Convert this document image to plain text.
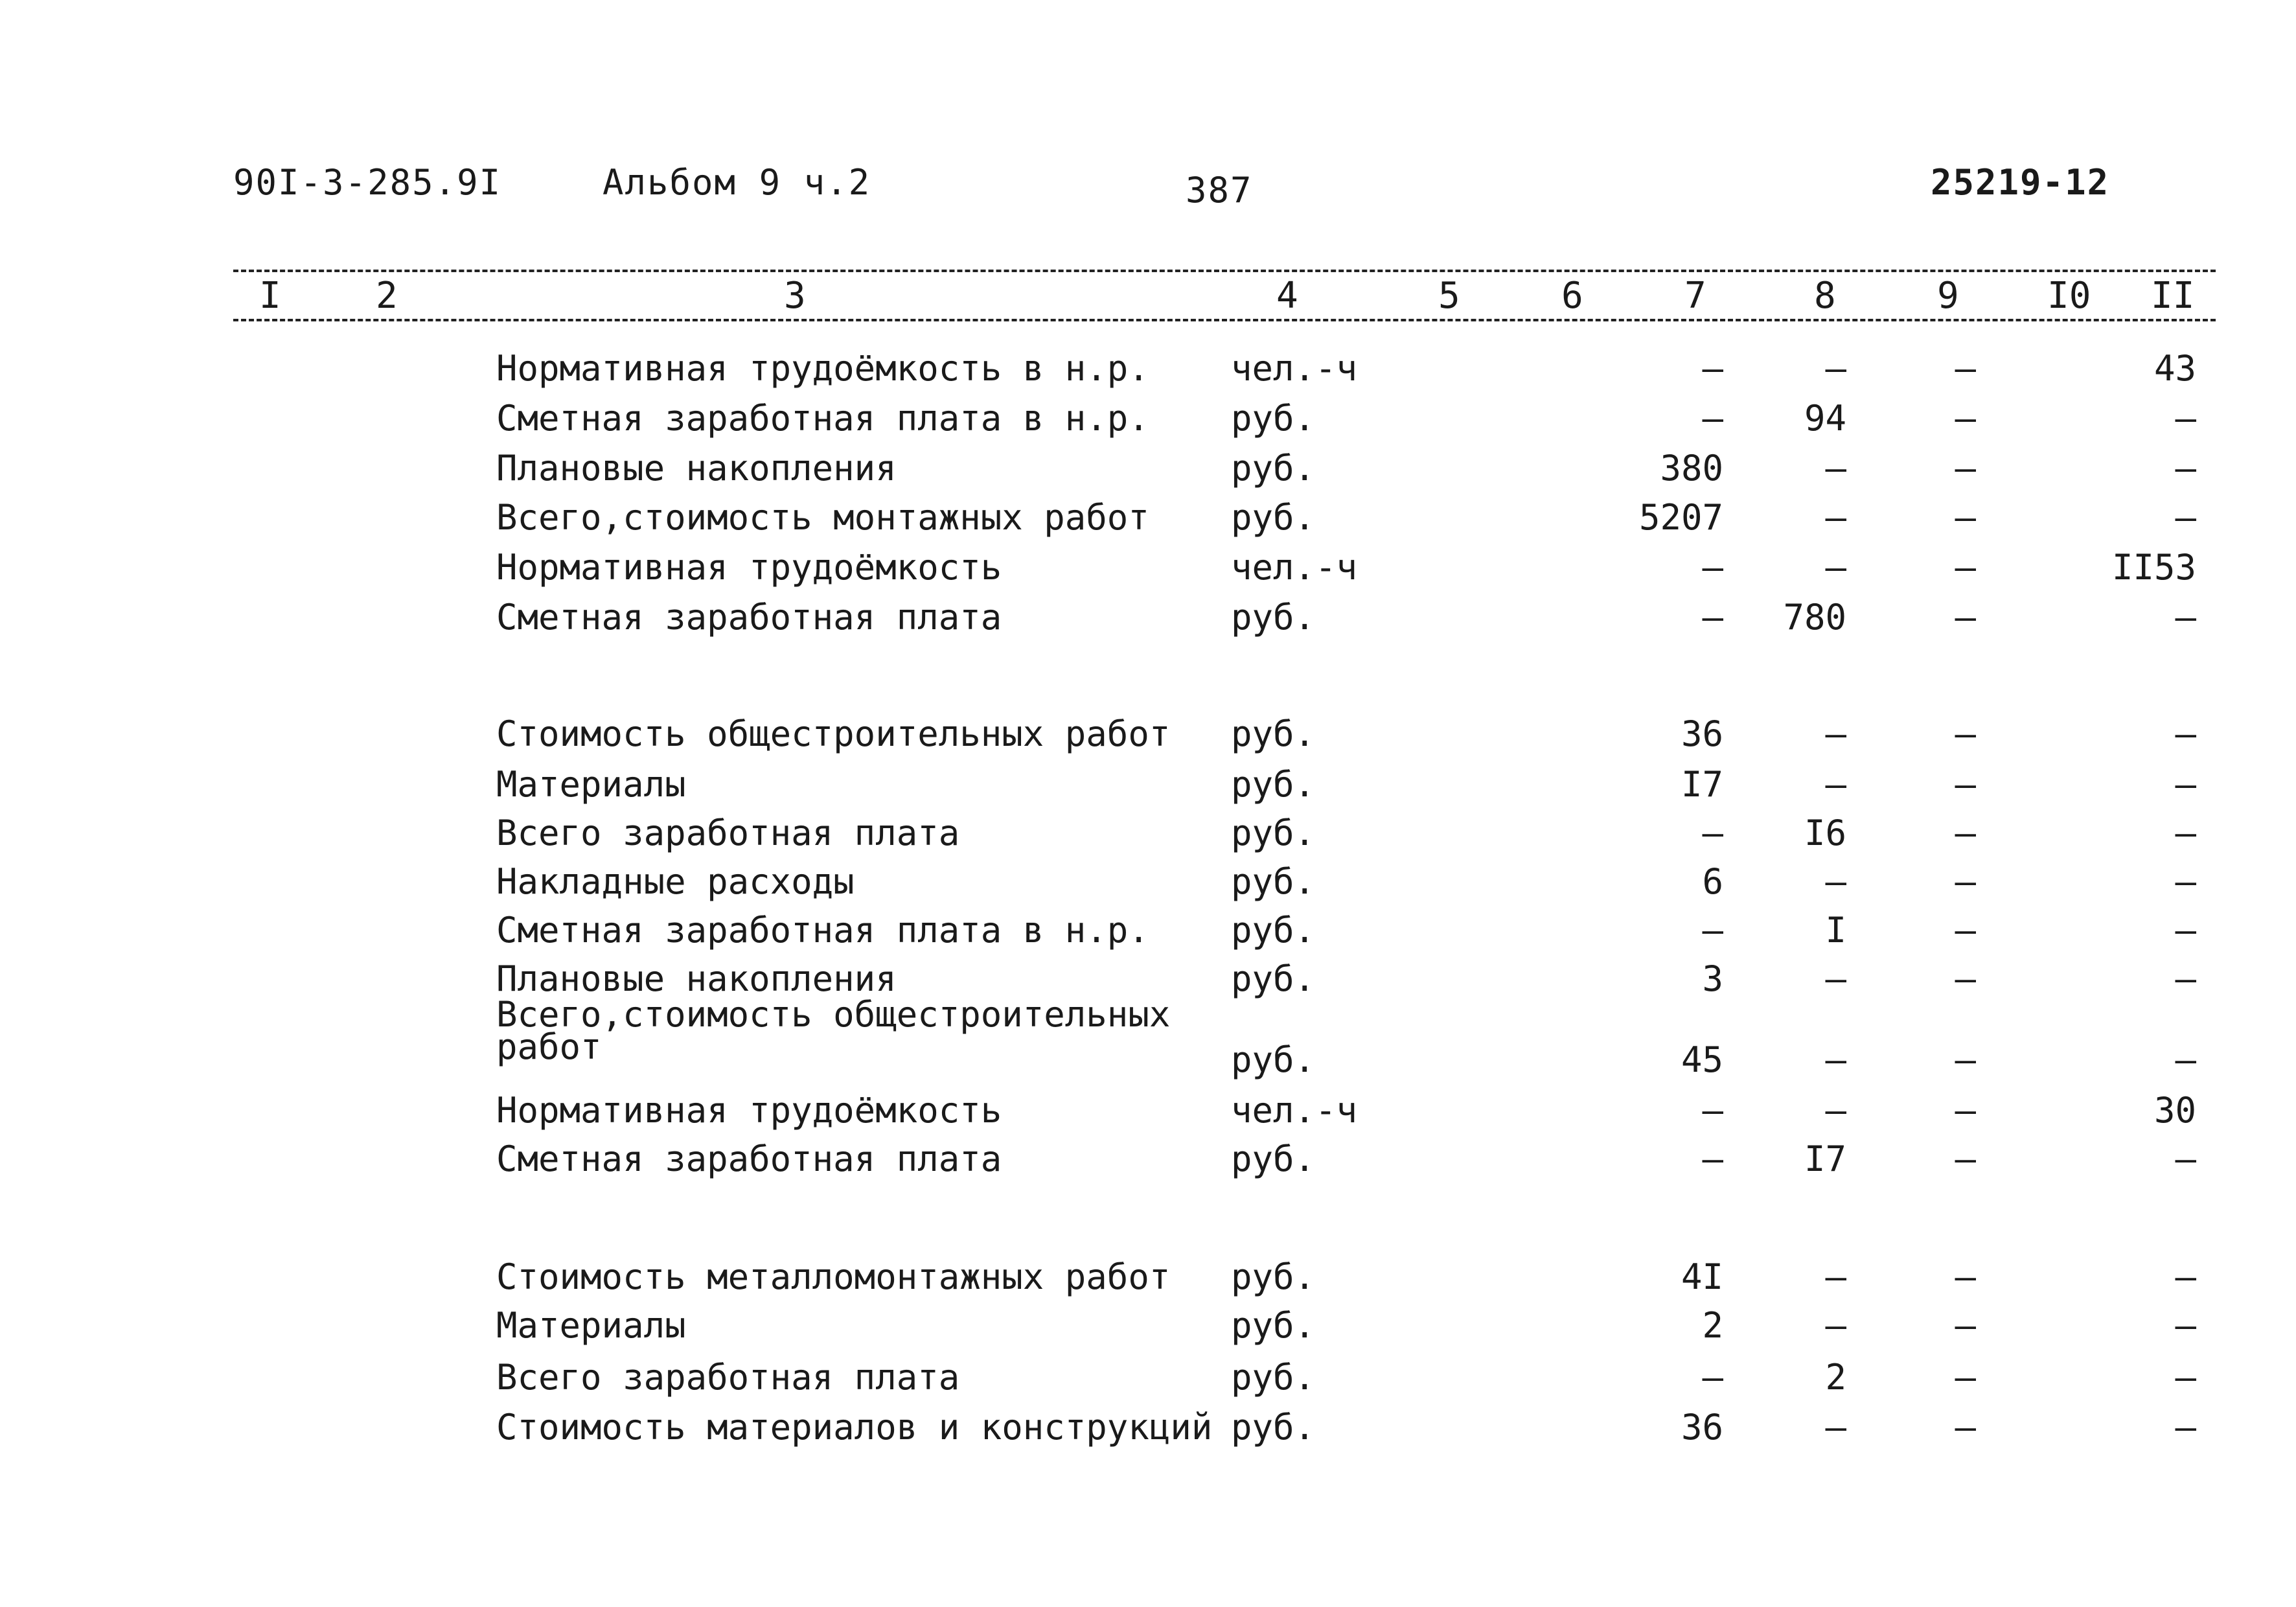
90I-3-285.9I	Альбом 9 ч.2	387	25219-12
I	2	3	4	5	6	7	8	9 I0 II
Нормативная трудоёмкость в н.р. чел.-ч	–	–	–	43
Сметная заработная плата в н.р. руб.	–	94	–	–
Плановые накопления	руб.	380	–	–	–
Всего,стоимость монтажных работ руб.	5207	–	–	–
Нормативная трудоёмкость	чел.-ч	–	–	–	II53
Сметная заработная плата	руб.	–	780	–	–
Стоимость общестроительных работ руб.	36	–	–	–
Материалы	руб.	I7	–	–	–
Всего заработная плата	руб.	–	I6	–	–
Накладные расходы	руб.	6	–	–	–
Сметная заработная плата в н.р. руб.	–	I	–	–
Плановые накопления	руб.	3	–	–	–
Всего,стоимость общестроительных
работ	руб.	45	–	–	–
Нормативная трудоёмкость	чел.-ч	–	–	–	30
Сметная заработная плата	руб.	–	I7	–	–
Стоимость металломонтажных работ руб.	4I	–	–	–
Материалы	руб.	2	–	–	–
Всего заработная плата	руб.	–	2	–	–
Стоимость материалов и конструкций руб.	36	–	–	–
